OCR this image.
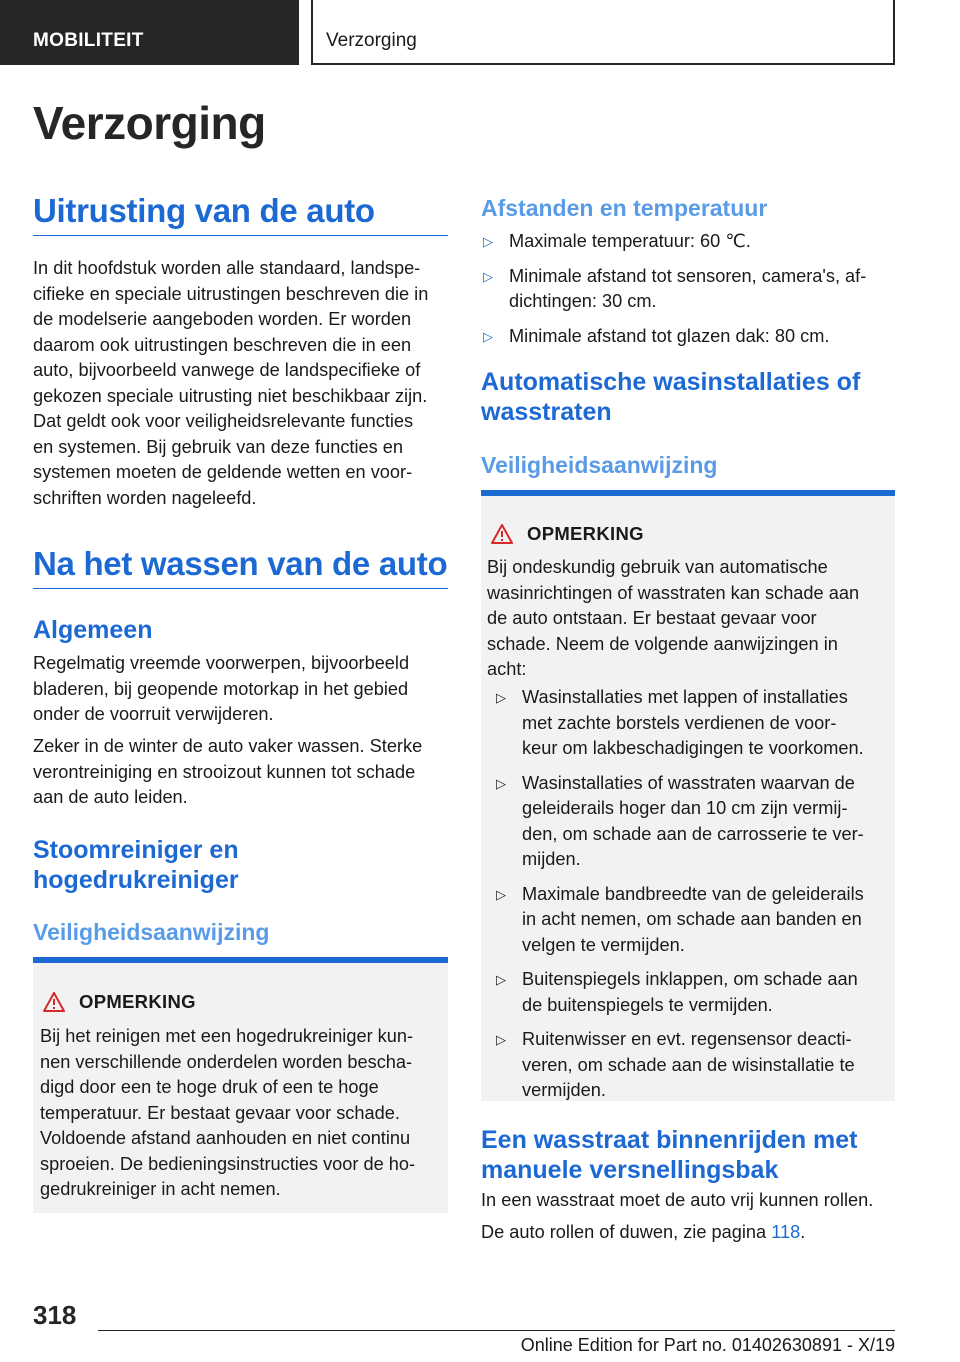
MOBILITEIT	Verzorging
Verzorging
Uitrusting van de auto
In dit hoofdstuk worden alle standaard, landspe-
cifieke en speciale uitrustingen beschreven die in
de modelserie aangeboden worden. Er worden
daarom ook uitrustingen beschreven die in een
auto, bijvoorbeeld vanwege de landspecifieke of
gekozen speciale uitrusting niet beschikbaar zijn.
Dat geldt ook voor veiligheidsrelevante functies
en systemen. Bij gebruik van deze functies en
systemen moeten de geldende wetten en voor-
schriften worden nageleefd.
Na het wassen van de auto
Algemeen
Regelmatig vreemde voorwerpen, bijvoorbeeld
bladeren, bij geopende motorkap in het gebied
onder de voorruit verwijderen.
Zeker in de winter de auto vaker wassen. Sterke
verontreiniging en strooizout kunnen tot schade
aan de auto leiden.
Stoomreiniger en
hogedrukreiniger
Veiligheidsaanwijzing
OPMERKING
Bij het reinigen met een hogedrukreiniger kun-
nen verschillende onderdelen worden bescha-
digd door een te hoge druk of een te hoge
temperatuur. Er bestaat gevaar voor schade.
Voldoende afstand aanhouden en niet continu
sproeien. De bedieningsinstructies voor de ho-
gedrukreiniger in acht nemen.
Afstanden en temperatuur
▷ Maximale temperatuur: 60 ℃.
▷ Minimale afstand tot sensoren, camera's, af-
dichtingen: 30 cm.
▷ Minimale afstand tot glazen dak: 80 cm.
Automatische wasinstallaties of
wasstraten
Veiligheidsaanwijzing
OPMERKING
Bij ondeskundig gebruik van automatische
wasinrichtingen of wasstraten kan schade aan
de auto ontstaan. Er bestaat gevaar voor
schade. Neem de volgende aanwijzingen in
acht:
▷ Wasinstallaties met lappen of installaties
met zachte borstels verdienen de voor-
keur om lakbeschadigingen te voorkomen.
▷ Wasinstallaties of wasstraten waarvan de
geleiderails hoger dan 10 cm zijn vermij-
den, om schade aan de carrosserie te ver-
mijden.
▷ Maximale bandbreedte van de geleiderails
in acht nemen, om schade aan banden en
velgen te vermijden.
▷ Buitenspiegels inklappen, om schade aan
de buitenspiegels te vermijden.
▷ Ruitenwisser en evt. regensensor deacti-
veren, om schade aan de wisinstallatie te
vermijden.
Een wasstraat binnenrijden met
manuele versnellingsbak
In een wasstraat moet de auto vrij kunnen rollen.
De auto rollen of duwen, zie pagina 118.
318
Online Edition for Part no. 01402630891 - X/19
